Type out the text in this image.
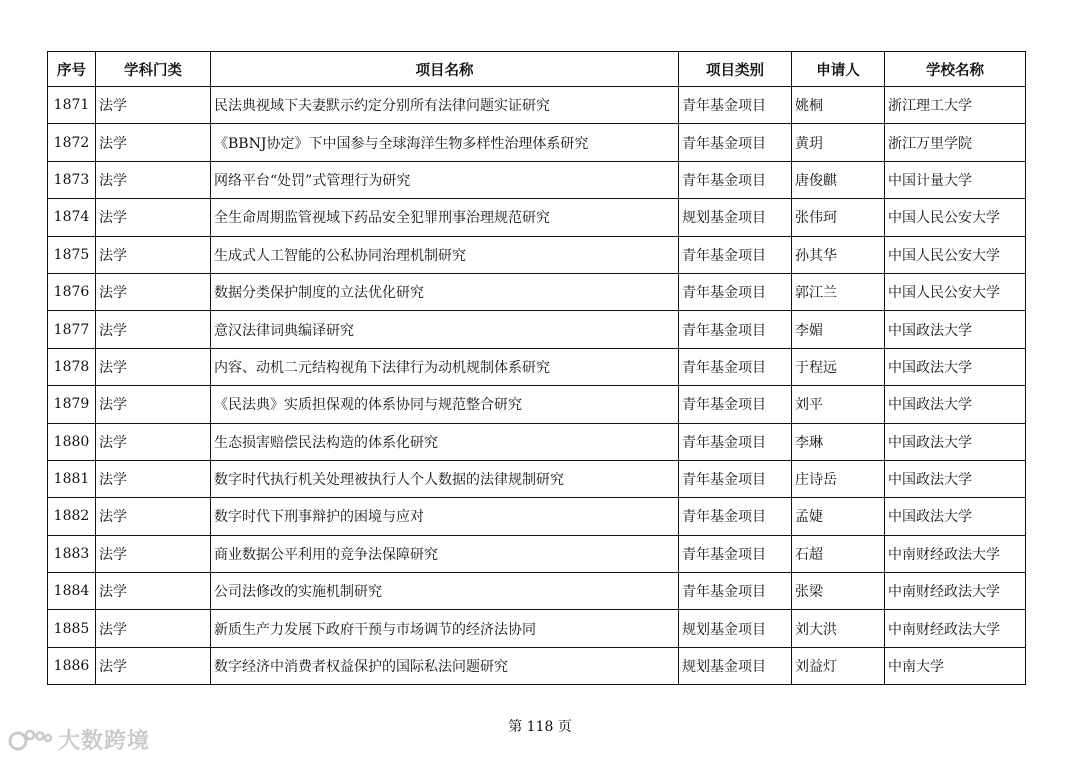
序号	学科门类	项目名称	项目类别	申请人	学校名称
1871	法学	民法典视域下夫妻默示约定分别所有法律问题实证研究	青年基金项目	姚桐	浙江理工大学
1872	法学	《BBNJ协定》下中国参与全球海洋生物多样性治理体系研究	青年基金项目	黄玥	浙江万里学院
1873	法学	网络平台“处罚”式管理行为研究	青年基金项目	唐俊麒	中国计量大学
1874	法学	全生命周期监管视域下药品安全犯罪刑事治理规范研究	规划基金项目	张伟珂	中国人民公安大学
1875	法学	生成式人工智能的公私协同治理机制研究	青年基金项目	孙其华	中国人民公安大学
1876	法学	数据分类保护制度的立法优化研究	青年基金项目	郭江兰	中国人民公安大学
1877	法学	意汉法律词典编译研究	青年基金项目	李媚	中国政法大学
1878	法学	内容、动机二元结构视角下法律行为动机规制体系研究	青年基金项目	于程远	中国政法大学
1879	法学	《民法典》实质担保观的体系协同与规范整合研究	青年基金项目	刘平	中国政法大学
1880	法学	生态损害赔偿民法构造的体系化研究	青年基金项目	李琳	中国政法大学
1881	法学	数字时代执行机关处理被执行人个人数据的法律规制研究	青年基金项目	庄诗岳	中国政法大学
1882	法学	数字时代下刑事辩护的困境与应对	青年基金项目	孟婕	中国政法大学
1883	法学	商业数据公平利用的竞争法保障研究	青年基金项目	石超	中南财经政法大学
1884	法学	公司法修改的实施机制研究	青年基金项目	张梁	中南财经政法大学
1885	法学	新质生产力发展下政府干预与市场调节的经济法协同	规划基金项目	刘大洪	中南财经政法大学
1886	法学	数字经济中消费者权益保护的国际私法问题研究	规划基金项目	刘益灯	中南大学
第 118 页
大数跨境
